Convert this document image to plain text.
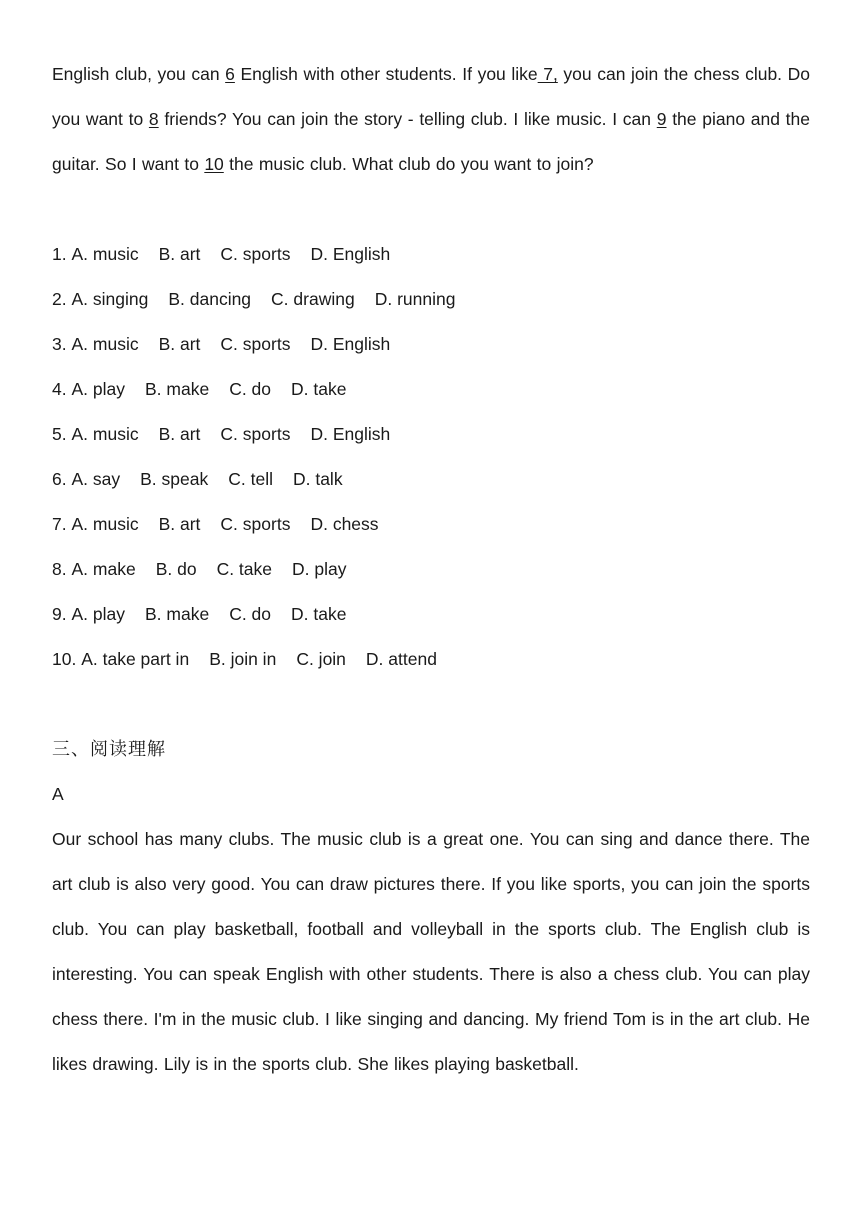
English club, you can 6 English with other students. If you like 7, you can join the chess club. Do you want to 8 friends? You can join the story - telling club. I like music. I can 9 the piano and the guitar. So I want to 10 the music club. What club do you want to join?

1. A. music B. art C. sports D. English
2. A. singing B. dancing C. drawing D. running
3. A. music B. art C. sports D. English
4. A. play B. make C. do D. take
5. A. music B. art C. sports D. English
6. A. say B. speak C. tell D. talk
7. A. music B. art C. sports D. chess
8. A. make B. do C. take D. play
9. A. play B. make C. do D. take
10. A. take part in B. join in C. join D. attend
三、阅读理解

A

Our school has many clubs. The music club is a great one. You can sing and dance there. The art club is also very good. You can draw pictures there. If you like sports, you can join the sports club. You can play basketball, football and volleyball in the sports club. The English club is interesting. You can speak English with other students. There is also a chess club. You can play chess there. I'm in the music club. I like singing and dancing. My friend Tom is in the art club. He likes drawing. Lily is in the sports club. She likes playing basketball.
